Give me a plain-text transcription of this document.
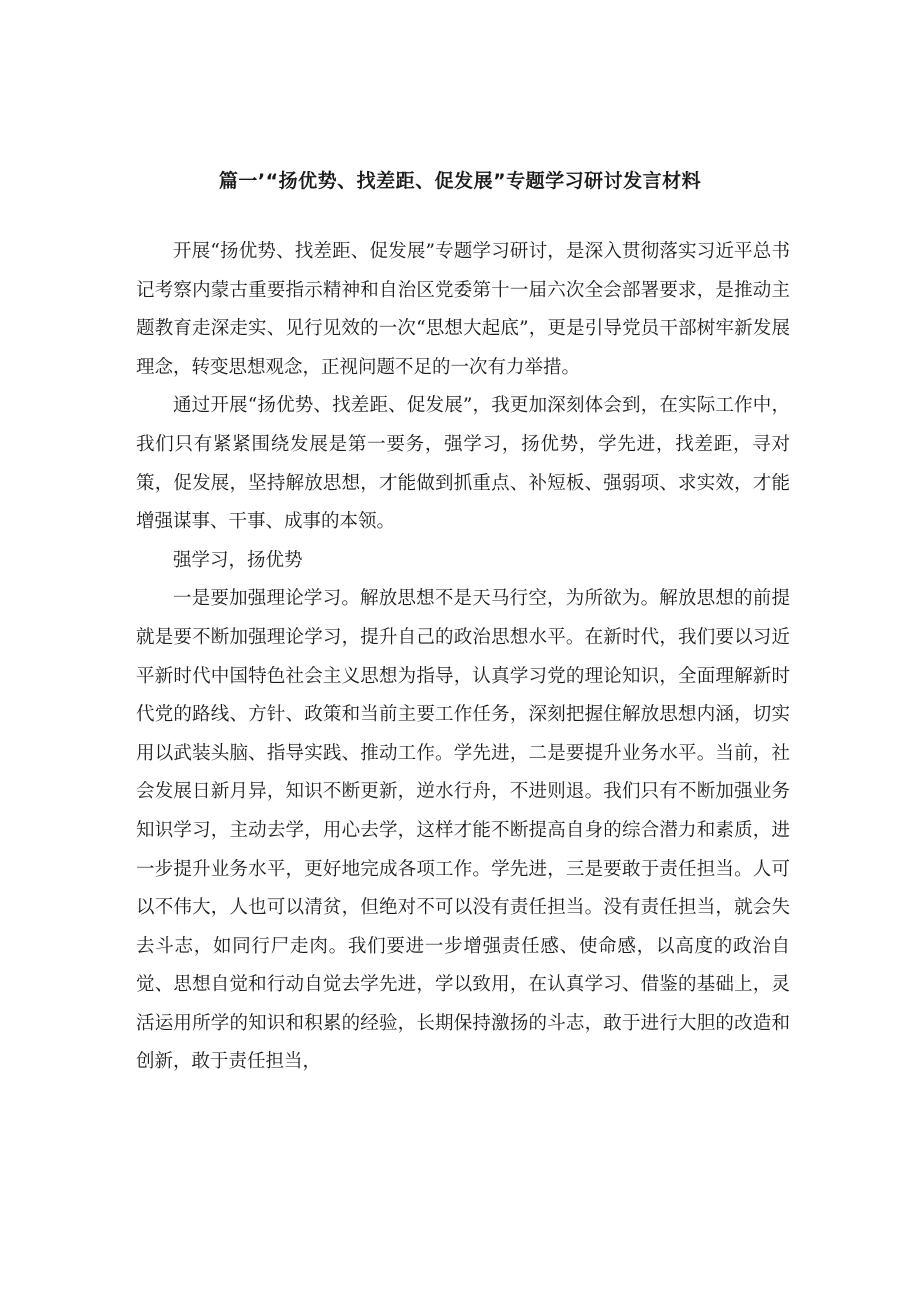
篇一’“扬优势、找差距、促发展”专题学习研讨发言材料

开展“扬优势、找差距、促发展”专题学习研讨，是深入贯彻落实习近平总书记考察内蒙古重要指示精神和自治区党委第十一届六次全会部署要求，是推动主题教育走深走实、见行见效的一次“思想大起底”，更是引导党员干部树牢新发展理念，转变思想观念，正视问题不足的一次有力举措。

通过开展“扬优势、找差距、促发展”，我更加深刻体会到，在实际工作中，我们只有紧紧围绕发展是第一要务，强学习，扬优势，学先进，找差距，寻对策，促发展，坚持解放思想，才能做到抓重点、补短板、强弱项、求实效，才能增强谋事、干事、成事的本领。

强学习，扬优势

一是要加强理论学习。解放思想不是天马行空，为所欲为。解放思想的前提就是要不断加强理论学习，提升自己的政治思想水平。在新时代，我们要以习近平新时代中国特色社会主义思想为指导，认真学习党的理论知识，全面理解新时代党的路线、方针、政策和当前主要工作任务，深刻把握住解放思想内涵，切实用以武装头脑、指导实践、推动工作。学先进，二是要提升业务水平。当前，社会发展日新月异，知识不断更新，逆水行舟，不进则退。我们只有不断加强业务知识学习，主动去学，用心去学，这样才能不断提高自身的综合潜力和素质，进一步提升业务水平，更好地完成各项工作。学先进，三是要敢于责任担当。人可以不伟大，人也可以清贫，但绝对不可以没有责任担当。没有责任担当，就会失去斗志，如同行尸走肉。我们要进一步增强责任感、使命感，以高度的政治自觉、思想自觉和行动自觉去学先进，学以致用，在认真学习、借鉴的基础上，灵活运用所学的知识和积累的经验，长期保持激扬的斗志，敢于进行大胆的改造和创新，敢于责任担当，
